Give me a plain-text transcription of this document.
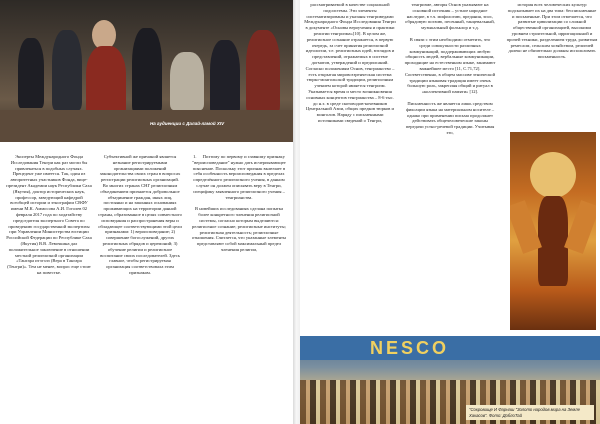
На аудиенции с Далай-ламой XIV

Эксперты Международного Фонда Исследования Тенгри как раз могли бы привлекаться в подобных случаях. Прецедент уже имеется. Так, один из авторитетных участников Фонда, вице-президент Академии наук Республики Саха (Якутия), доктор исторических наук, профессор, заведующий кафедрой всеобщей истории и этнографии СВФУ имени М.К. Аммосова А.И. Гоголев 02 февраля 2017 года по ходатайству председателя экспертного Совета по проведению государственной экспертизы при Управлении Министерства юстиции Российской Федерации по Республике Саха (Якутия) В.В. Левочкина дал положительное заключение в отношении местной религиозной организации «Тангара итэгэлэ (Вера в Тангара (Тенгри)». Тем не менее, вопрос еще стоит на повестке.

Субъективной же причиной является незнание регистрируемыми организациями положений законодательства своих стран в вопросах регистрации религиозных организаций. Во многих странах СНГ религиозным объединением признается добровольное объединение граждан, иных лиц, постоянно и на законных основаниях проживающих на территории данной страны, образованное в целях совместного исповедания и распространения веры и обладающее соответствующими этой цели признаками: 1) вероисповедание; 2) совершение богослужений, других религиозных обрядов и церемоний; 3) обучение религии и религиозное воспитание своих последователей. Здесь главное, чтобы регистрируемая организация соответствовала этим признакам.

1. Поэтому по первому и главному признаку "вероисповедание" нужно дать исчерпывающее пояснение. Поскольку этот признак включает в себя особенность вероисповедания в пределах определённого религиозного учения, в данном случае он должен описывать веру в Тенгри, специфику заявленного религиозного учения – тенгрианства.

В новейших исследованиях сделана попытка более конкретного членения религиозной системы, согласно которым выделяются: религиозное сознание; религиозные институты; религиозная деятельность; религиозные отношения. Считается, что указанные элементы представляют собой максимальный предел членения религии,

рассматриваемой в качестве социальной подсистемы. Эти элементы систематизированы и указаны тенгриведами Международного Фонда Исследования Тенгри в документе «Основы вероучения и практики религии тенгризма»[10]. В целом же, религиозное сознание отражается, в первую очередь, за счет принятия религиозной идеологии, т.е. религиозных идей, взглядов и представлений, отражаемых в системе догматов, утверждений и предписаний. Согласно положениям Основ, тенгрианство – есть открытая мировоззренческая система тюрко-монгольской традиции, религиозным учением которой является тенгризм. Указывается время и место возникновения основных концептов тенгрианства – 8-6 тыс. до н.э. в среде скотоводов-кочевников Центральной Азии, общих предков тюрков и монголов. Наряду с письменными источниками сведений о Тенгри,

тенгризме, авторы Основ указывают на основной источник – устное народное наследие, в т.ч. мифологию, предания, эпос, обрядовую поэзию, песенный, танцевальный, музыкальный фольклор и т.д.

В связи с этим необходимо отметить, что среди совокупности различных коммуникаций, поддерживающих любую общность людей, вербальные коммуникации, проходящие на естественном языке, занимают важнейшее место [11, С.71,72]. Соответственно, в общем массиве этнической традиции языковая традиция имеет очень большую роль, закрепляя общий и ритуал в «коллективной памяти» [12].

Письменность же является лишь средством фиксации языка на материальном носителе – однако при применении письма продолжает действовать общечеловеческие законы передачи устно-речевой традиции. Учитывая это,

история всех человеческих культур подсказывает их на два типа: бесписьменные и письменные. При этом отмечается, что развитые цивилизации со сложной общественной организацией, высокими уровнем строительной, ирригационной и прочей техники, разделением труда, развитым ремеслом, сельским хозяйством, религией далеко не обязательно должны использовать письменность.

NESCO
"Сокровище И Фарнаш "Золото народов мира на Земле Хакасов". Фото: ДоблоТай
